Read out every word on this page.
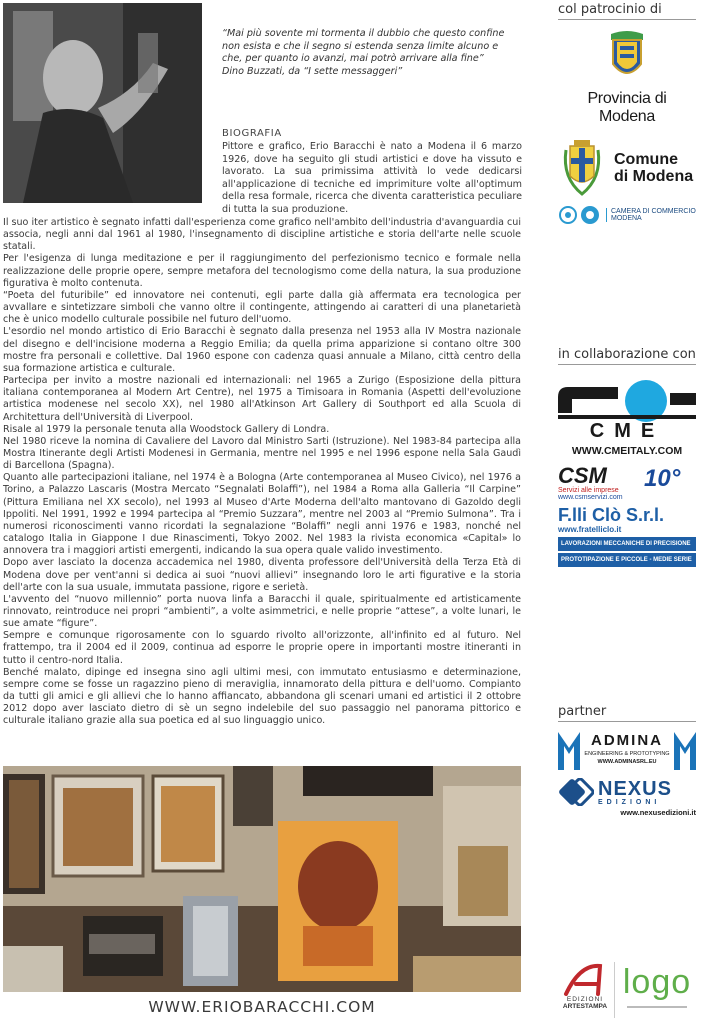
“Mai più sovente mi tormenta il dubbio che questo confine
non esista e che il segno si estenda senza limite alcuno e
che, per quanto io avanzi, mai potrò arrivare alla fine”
Dino Buzzati, da “I sette messaggeri”
BIOGRAFIA
Pittore e grafico, Erio Baracchi è nato a Modena il 6 marzo 1926, dove ha seguito gli studi artistici e dove ha vissuto e lavorato. La sua primissima attività lo vede dedicarsi all'applicazione di tecniche ed imprimiture volte all'optimum della resa formale, ricerca che diventa caratteristica peculiare di tutta la sua produzione.

Il suo iter artistico è segnato infatti dall'esperienza come grafico nell'ambito dell'industria d'avanguardia cui associa, negli anni dal 1961 al 1980, l'insegnamento di discipline artistiche e storia dell'arte nelle scuole statali.

Per l'esigenza di lunga meditazione e per il raggiungimento del perfezionismo tecnico e formale nella realizzazione delle proprie opere, sempre metafora del tecnologismo come della natura, la sua produzione figurativa è molto contenuta.

“Poeta del futuribile” ed innovatore nei contenuti, egli parte dalla già affermata era tecnologica per avvallare e sintetizzare simboli che vanno oltre il contingente, attingendo ai caratteri di una planetarietà che è unico modello culturale possibile nel futuro dell'uomo.

L'esordio nel mondo artistico di Erio Baracchi è segnato dalla presenza nel 1953 alla IV Mostra nazionale del disegno e dell'incisione moderna a Reggio Emilia; da quella prima apparizione si contano oltre 300 mostre fra personali e collettive. Dal 1960 espone con cadenza quasi annuale a Milano, città centro della sua formazione artistica e culturale.

Partecipa per invito a mostre nazionali ed internazionali: nel 1965 a Zurigo (Esposizione della pittura italiana contemporanea al Modern Art Centre), nel 1975 a Timisoara in Romania (Aspetti dell'evoluzione artistica modenese nel secolo XX), nel 1980 all'Atkinson Art Gallery di Southport ed alla Scuola di Architettura dell'Università di Liverpool.

Risale al 1979 la personale tenuta alla Woodstock Gallery di Londra.

Nel 1980 riceve la nomina di Cavaliere del Lavoro dal Ministro Sarti (Istruzione). Nel 1983-84 partecipa alla Mostra Itinerante degli Artisti Modenesi in Germania, mentre nel 1995 e nel 1996 espone nella Sala Gaudì di Barcellona (Spagna).

Quanto alle partecipazioni italiane, nel 1974 è a Bologna (Arte contemporanea al Museo Civico), nel 1976 a Torino, a Palazzo Lascaris (Mostra Mercato “Segnalati Bolaffi”), nel 1984 a Roma alla Galleria “Il Carpine” (Pittura Emiliana nel XX secolo), nel 1993 al Museo d'Arte Moderna dell'alto mantovano di Gazoldo degli Ippoliti. Nel 1991, 1992 e 1994 partecipa al “Premio Suzzara”, mentre nel 2003 al “Premio Sulmona”. Tra i numerosi riconoscimenti vanno ricordati la segnalazione “Bolaffi” negli anni 1976 e 1983, nonché nel catalogo Italia in Giappone I due Rinascimenti, Tokyo 2002. Nel 1983 la rivista economica «Capital» lo annovera tra i maggiori artisti emergenti, indicando la sua opera quale valido investimento.

Dopo aver lasciato la docenza accademica nel 1980, diventa professore dell'Università della Terza Età di Modena dove per vent'anni si dedica ai suoi “nuovi allievi” insegnando loro le arti figurative e la storia dell'arte con la sua usuale, immutata passione, rigore e serietà.

L'avvento del “nuovo millennio” porta nuova linfa a Baracchi il quale, spiritualmente ed artisticamente rinnovato, reintroduce nei propri “ambienti”, a volte asimmetrici, e nelle proprie “attese”, a volte lunari, le sue amate “figure”.

Sempre e comunque rigorosamente con lo sguardo rivolto all'orizzonte, all'infinito ed al futuro. Nel frattempo, tra il 2004 ed il 2009, continua ad esporre le proprie opere in importanti mostre itineranti in tutto il centro-nord Italia.

Benché malato, dipinge ed insegna sino agli ultimi mesi, con immutato entusiasmo e determinazione, sempre come se fosse un ragazzino pieno di meraviglia, innamorato della pittura e dell'uomo. Compianto da tutti gli amici e gli allievi che lo hanno affiancato, abbandona gli scenari umani ed artistici il 2 ottobre 2012 dopo aver lasciato dietro di sè un segno indelebile del suo passaggio nel panorama pittorico e culturale italiano grazie alla sua poetica ed al suo linguaggio unico.

WWW.ERIOBARACCHI.COM
col patrocinio di
Provincia di Modena
Comune
di Modena
CAMERA DI COMMERCIO
MODENA
in collaborazione con
CME
WWW.CMEITALY.COM
CSM
Servizi alle imprese	10°
www.csmservizi.com
F.lli Clò S.r.l.
www.fratelliclo.it
LAVORAZIONI MECCANICHE DI PRECISIONE
PROTOTIPAZIONE E PICCOLE - MEDIE SERIE
partner
ADMINA
ENGINEERING & PROTOTYPING
WWW.ADMINASRL.EU
NEXUS
EDIZIONI
www.nexusedizioni.it
EDIZIONI
ARTESTAMPA
logo
